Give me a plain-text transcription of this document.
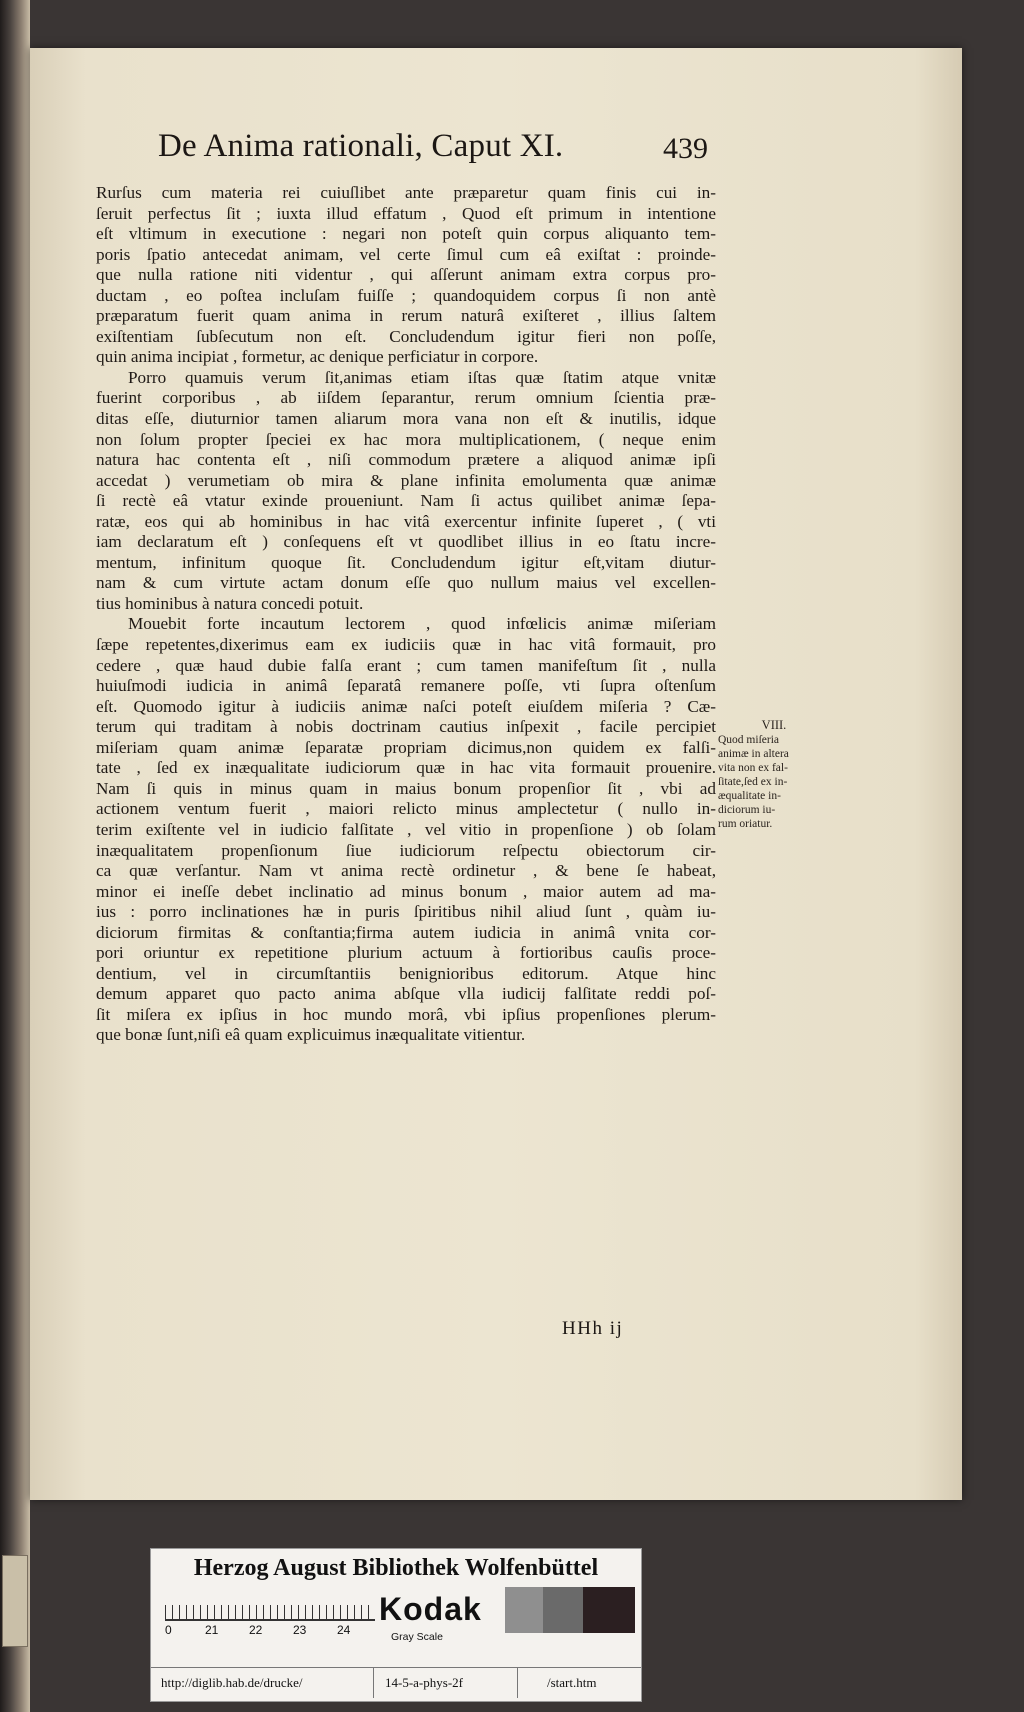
De Anima rationali, Caput XI.	439

Rurſus cum materia rei cuiuſlibet ante præparetur quam finis cui in-
ſeruit perfectus ſit ; iuxta illud effatum , Quod eſt primum in intentione
eſt vltimum in executione : negari non poteſt quin corpus aliquanto tem-
poris ſpatio antecedat animam, vel certe ſimul cum eâ exiſtat : proinde-
que nulla ratione niti videntur , qui aſſerunt animam extra corpus pro-
ductam , eo poſtea incluſam fuiſſe ; quandoquidem corpus ſi non antè
præparatum fuerit quam anima in rerum naturâ exiſteret , illius ſaltem
exiſtentiam ſubſecutum non eſt. Concludendum igitur fieri non poſſe,
quin anima incipiat , formetur, ac denique perficiatur in corpore.

Porro quamuis verum ſit,animas etiam iſtas quæ ſtatim atque vnitæ
fuerint corporibus , ab iiſdem ſeparantur, rerum omnium ſcientia præ-
ditas eſſe, diuturnior tamen aliarum mora vana non eſt & inutilis, idque
non ſolum propter ſpeciei ex hac mora multiplicationem, ( neque enim
natura hac contenta eſt , niſi commodum prætere a aliquod animæ ipſi
accedat ) verumetiam ob mira & plane infinita emolumenta quæ animæ
ſi rectè eâ vtatur exinde proueniunt. Nam ſi actus quilibet animæ ſepa-
ratæ, eos qui ab hominibus in hac vitâ exercentur infinite ſuperet , ( vti
iam declaratum eſt ) conſequens eſt vt quodlibet illius in eo ſtatu incre-
mentum, infinitum quoque ſit. Concludendum igitur eſt,vitam diutur-
nam & cum virtute actam donum eſſe quo nullum maius vel excellen-
tius hominibus à natura concedi potuit.

Mouebit forte incautum lectorem , quod infœlicis animæ miſeriam
ſæpe repetentes,dixerimus eam ex iudiciis quæ in hac vitâ formauit, pro
cedere , quæ haud dubie falſa erant ; cum tamen manifeſtum ſit , nulla
huiuſmodi iudicia in animâ ſeparatâ remanere poſſe, vti ſupra oſtenſum
eſt. Quomodo igitur à iudiciis animæ naſci poteſt eiuſdem miſeria ? Cæ-
terum qui traditam à nobis doctrinam cautius inſpexit , facile percipiet
miſeriam quam animæ ſeparatæ propriam dicimus,non quidem ex falſi-
tate , ſed ex inæqualitate iudiciorum quæ in hac vita formauit prouenire.
Nam ſi quis in minus quam in maius bonum propenſior ſit , vbi ad
actionem ventum fuerit , maiori relicto minus amplectetur ( nullo in-
terim exiſtente vel in iudicio falſitate , vel vitio in propenſione ) ob ſolam
inæqualitatem propenſionum ſiue iudiciorum reſpectu obiectorum cir-
ca quæ verſantur. Nam vt anima rectè ordinetur , & bene ſe habeat,
minor ei ineſſe debet inclinatio ad minus bonum , maior autem ad ma-
ius : porro inclinationes hæ in puris ſpiritibus nihil aliud ſunt , quàm iu-
diciorum firmitas & conſtantia;firma autem iudicia in animâ vnita cor-
pori oriuntur ex repetitione plurium actuum à fortioribus cauſis proce-
dentium, vel in circumſtantiis benignioribus editorum. Atque hinc
demum apparet quo pacto anima abſque vlla iudicij falſitate reddi poſ-
ſit miſera ex ipſius in hoc mundo morâ, vbi ipſius propenſiones plerum-
que bonæ ſunt,niſi eâ quam explicuimus inæqualitate vitientur.

VIII.
Quod miſeria
animæ in altera
vita non ex fal-
ſitate,ſed ex in-
æqualitate in-
diciorum iu-
rum oriatur.
HHh ij
Herzog August Bibliothek Wolfenbüttel
0	21	22	23	24
Kodak
Gray Scale
http://diglib.hab.de/drucke/	14-5-a-phys-2f	/start.htm
